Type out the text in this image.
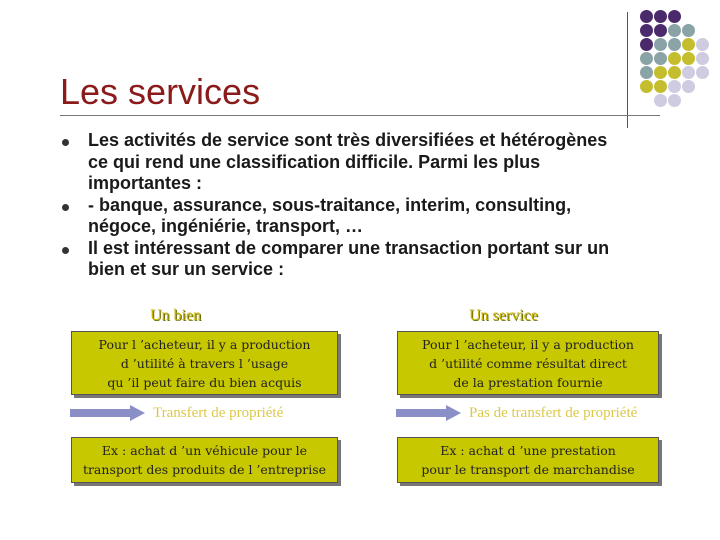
Les services
Les activités de service sont très diversifiées et hétérogènes
ce qui rend une classification difficile. Parmi les plus
importantes :
- banque, assurance, sous-traitance, interim, consulting,
négoce, ingéniérie, transport, …
Il est intéressant de comparer une transaction portant sur un
bien et sur un service :
Un bien
Pour l ’acheteur, il y a production
d ’utilité à travers l ’usage
qu ’il peut faire du bien acquis
Transfert de propriété
Ex : achat d ’un véhicule pour le
transport des produits de l ’entreprise
Un service
Pour l ’acheteur, il y a production
d ’utilité comme résultat direct
de la prestation fournie
Pas de transfert de propriété
Ex : achat d ’une prestation
pour le transport de marchandise
